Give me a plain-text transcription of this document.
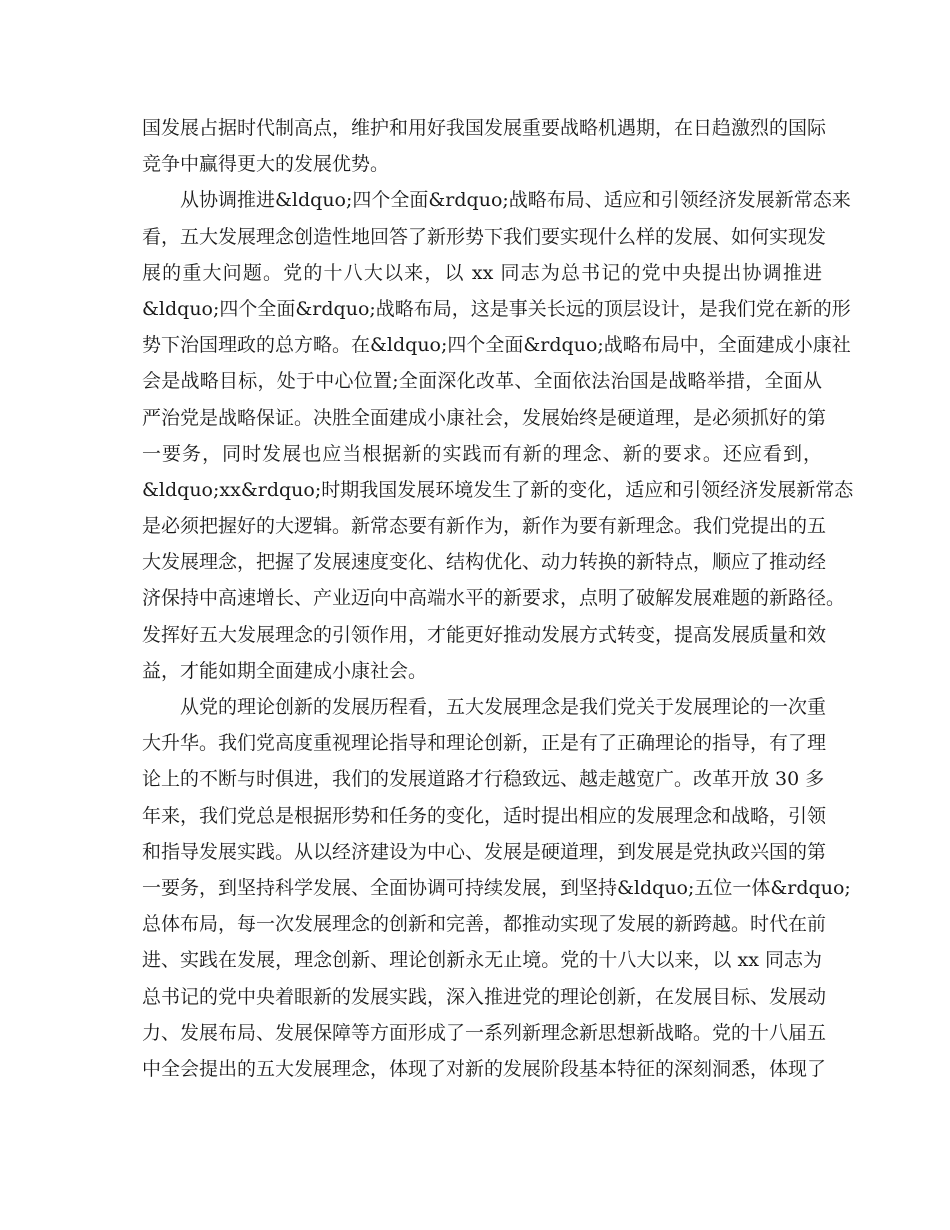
国发展占据时代制高点，维护和用好我国发展重要战略机遇期，在日趋激烈的国际
竞争中赢得更大的发展优势。
从协调推进&ldquo;四个全面&rdquo;战略布局、适应和引领经济发展新常态来
看，五大发展理念创造性地回答了新形势下我们要实现什么样的发展、如何实现发
展的重大问题。党的十八大以来，以 xx 同志为总书记的党中央提出协调推进
&ldquo;四个全面&rdquo;战略布局，这是事关长远的顶层设计，是我们党在新的形
势下治国理政的总方略。在&ldquo;四个全面&rdquo;战略布局中，全面建成小康社
会是战略目标，处于中心位置;全面深化改革、全面依法治国是战略举措，全面从
严治党是战略保证。决胜全面建成小康社会，发展始终是硬道理，是必须抓好的第
一要务，同时发展也应当根据新的实践而有新的理念、新的要求。还应看到，
&ldquo;xx&rdquo;时期我国发展环境发生了新的变化，适应和引领经济发展新常态
是必须把握好的大逻辑。新常态要有新作为，新作为要有新理念。我们党提出的五
大发展理念，把握了发展速度变化、结构优化、动力转换的新特点，顺应了推动经
济保持中高速增长、产业迈向中高端水平的新要求，点明了破解发展难题的新路径。
发挥好五大发展理念的引领作用，才能更好推动发展方式转变，提高发展质量和效
益，才能如期全面建成小康社会。
从党的理论创新的发展历程看，五大发展理念是我们党关于发展理论的一次重
大升华。我们党高度重视理论指导和理论创新，正是有了正确理论的指导，有了理
论上的不断与时俱进，我们的发展道路才行稳致远、越走越宽广。改革开放 30 多
年来，我们党总是根据形势和任务的变化，适时提出相应的发展理念和战略，引领
和指导发展实践。从以经济建设为中心、发展是硬道理，到发展是党执政兴国的第
一要务，到坚持科学发展、全面协调可持续发展，到坚持&ldquo;五位一体&rdquo;
总体布局，每一次发展理念的创新和完善，都推动实现了发展的新跨越。时代在前
进、实践在发展，理念创新、理论创新永无止境。党的十八大以来，以 xx 同志为
总书记的党中央着眼新的发展实践，深入推进党的理论创新，在发展目标、发展动
力、发展布局、发展保障等方面形成了一系列新理念新思想新战略。党的十八届五
中全会提出的五大发展理念，体现了对新的发展阶段基本特征的深刻洞悉，体现了
